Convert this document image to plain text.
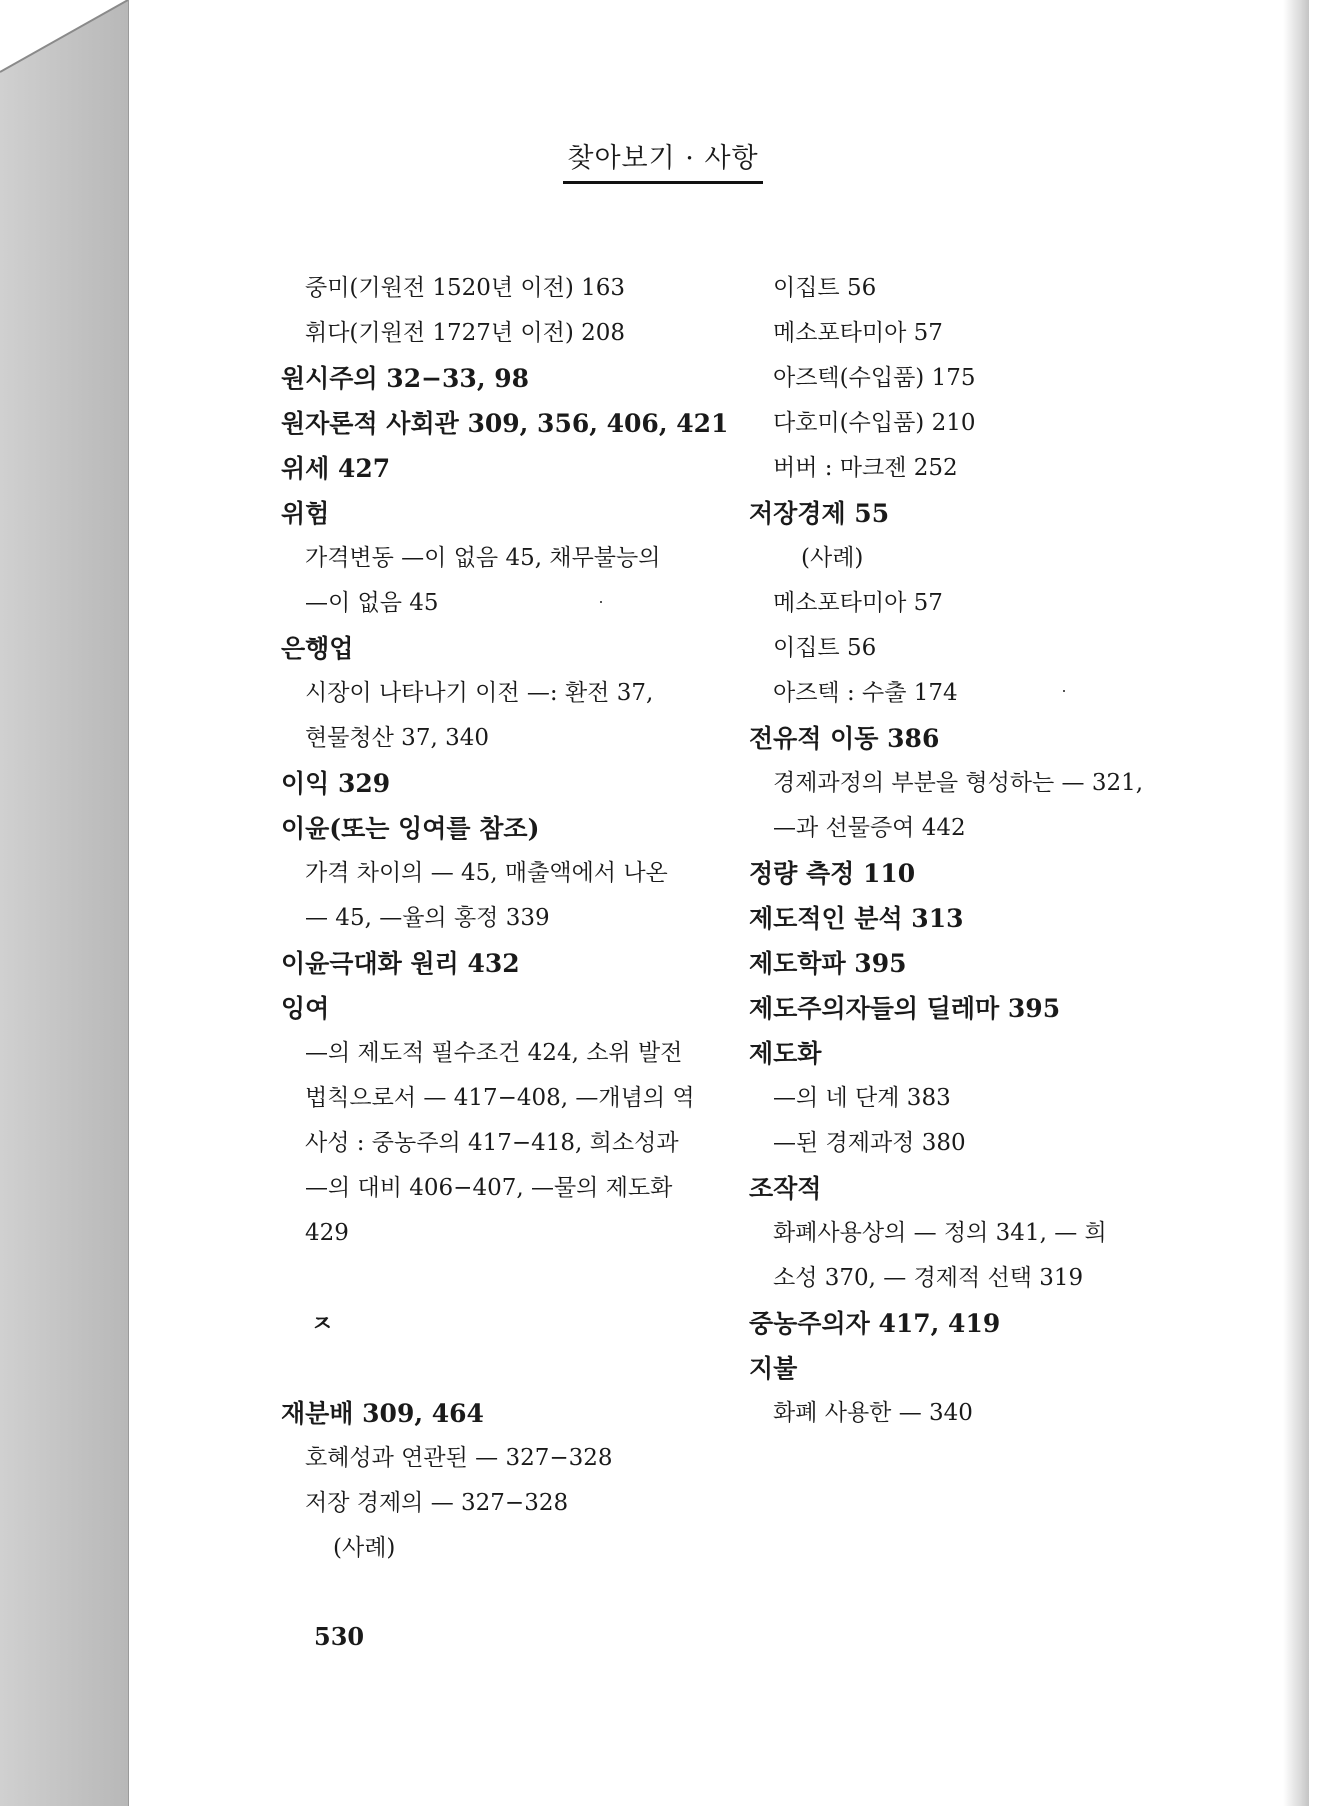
찾아보기 · 사항
중미(기원전 1520년 이전) 163
휘다(기원전 1727년 이전) 208
원시주의 32−33, 98
원자론적 사회관 309, 356, 406, 421
위세 427
위험
가격변동 —이 없음 45, 채무불능의
—이 없음 45
은행업
시장이 나타나기 이전 —: 환전 37,
현물청산 37, 340
이익 329
이윤(또는 잉여를 참조)
가격 차이의 — 45, 매출액에서 나온
— 45, —율의 홍정 339
이윤극대화 원리 432
잉여
—의 제도적 필수조건 424, 소위 발전
법칙으로서 — 417−408, —개념의 역
사성 : 중농주의 417−418, 희소성과
—의 대비 406−407, —물의 제도화
429
ㅈ
재분배 309, 464
호혜성과 연관된 — 327−328
저장 경제의 — 327−328
(사례)
이집트 56
메소포타미아 57
아즈텍(수입품) 175
다호미(수입품) 210
버버 : 마크젠 252
저장경제 55
(사례)
메소포타미아 57
이집트 56
아즈텍 : 수출 174
전유적 이동 386
경제과정의 부분을 형성하는 — 321,
—과 선물증여 442
정량 측정 110
제도적인 분석 313
제도학파 395
제도주의자들의 딜레마 395
제도화
—의 네 단계 383
—된 경제과정 380
조작적
화폐사용상의 — 정의 341, — 희
소성 370, — 경제적 선택 319
중농주의자 417, 419
지불
화폐 사용한 — 340
530
